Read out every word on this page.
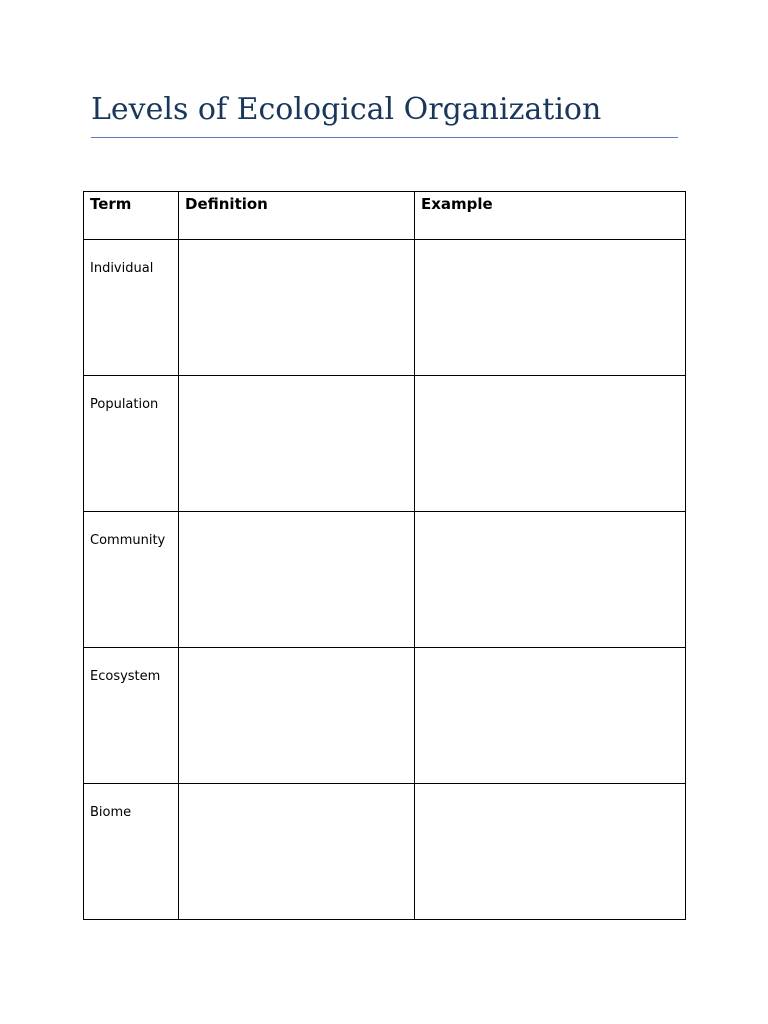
Levels of Ecological Organization
Term	Definition	Example
Individual		
Population		
Community		
Ecosystem		
Biome		
